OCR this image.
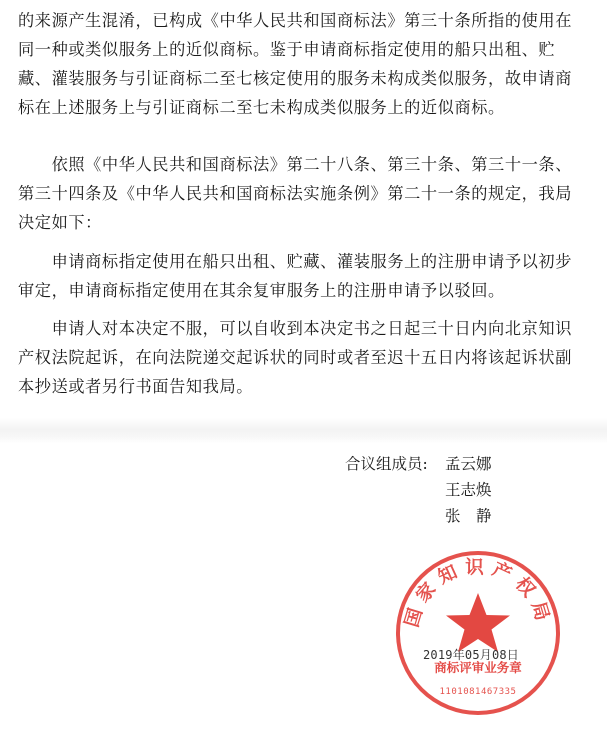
的来源产生混淆，已构成《中华人民共和国商标法》第三十条所指的使用在
同一种或类似服务上的近似商标。鉴于申请商标指定使用的船只出租、贮
藏、灌装服务与引证商标二至七核定使用的服务未构成类似服务，故申请商
标在上述服务上与引证商标二至七未构成类似服务上的近似商标。

　　依照《中华人民共和国商标法》第二十八条、第三十条、第三十一条、
第三十四条及《中华人民共和国商标法实施条例》第二十一条的规定，我局
决定如下：

　　申请商标指定使用在船只出租、贮藏、灌装服务上的注册申请予以初步
审定，申请商标指定使用在其余复审服务上的注册申请予以驳回。

　　申请人对本决定不服，可以自收到本决定书之日起三十日内向北京知识
产权法院起诉，在向法院递交起诉状的同时或者至迟十五日内将该起诉状副
本抄送或者另行书面告知我局。

合议组成员: 孟云娜
王志焕
张　静
国家知识产权局
商标评审业务章
1101081467335
2019年05月08日
